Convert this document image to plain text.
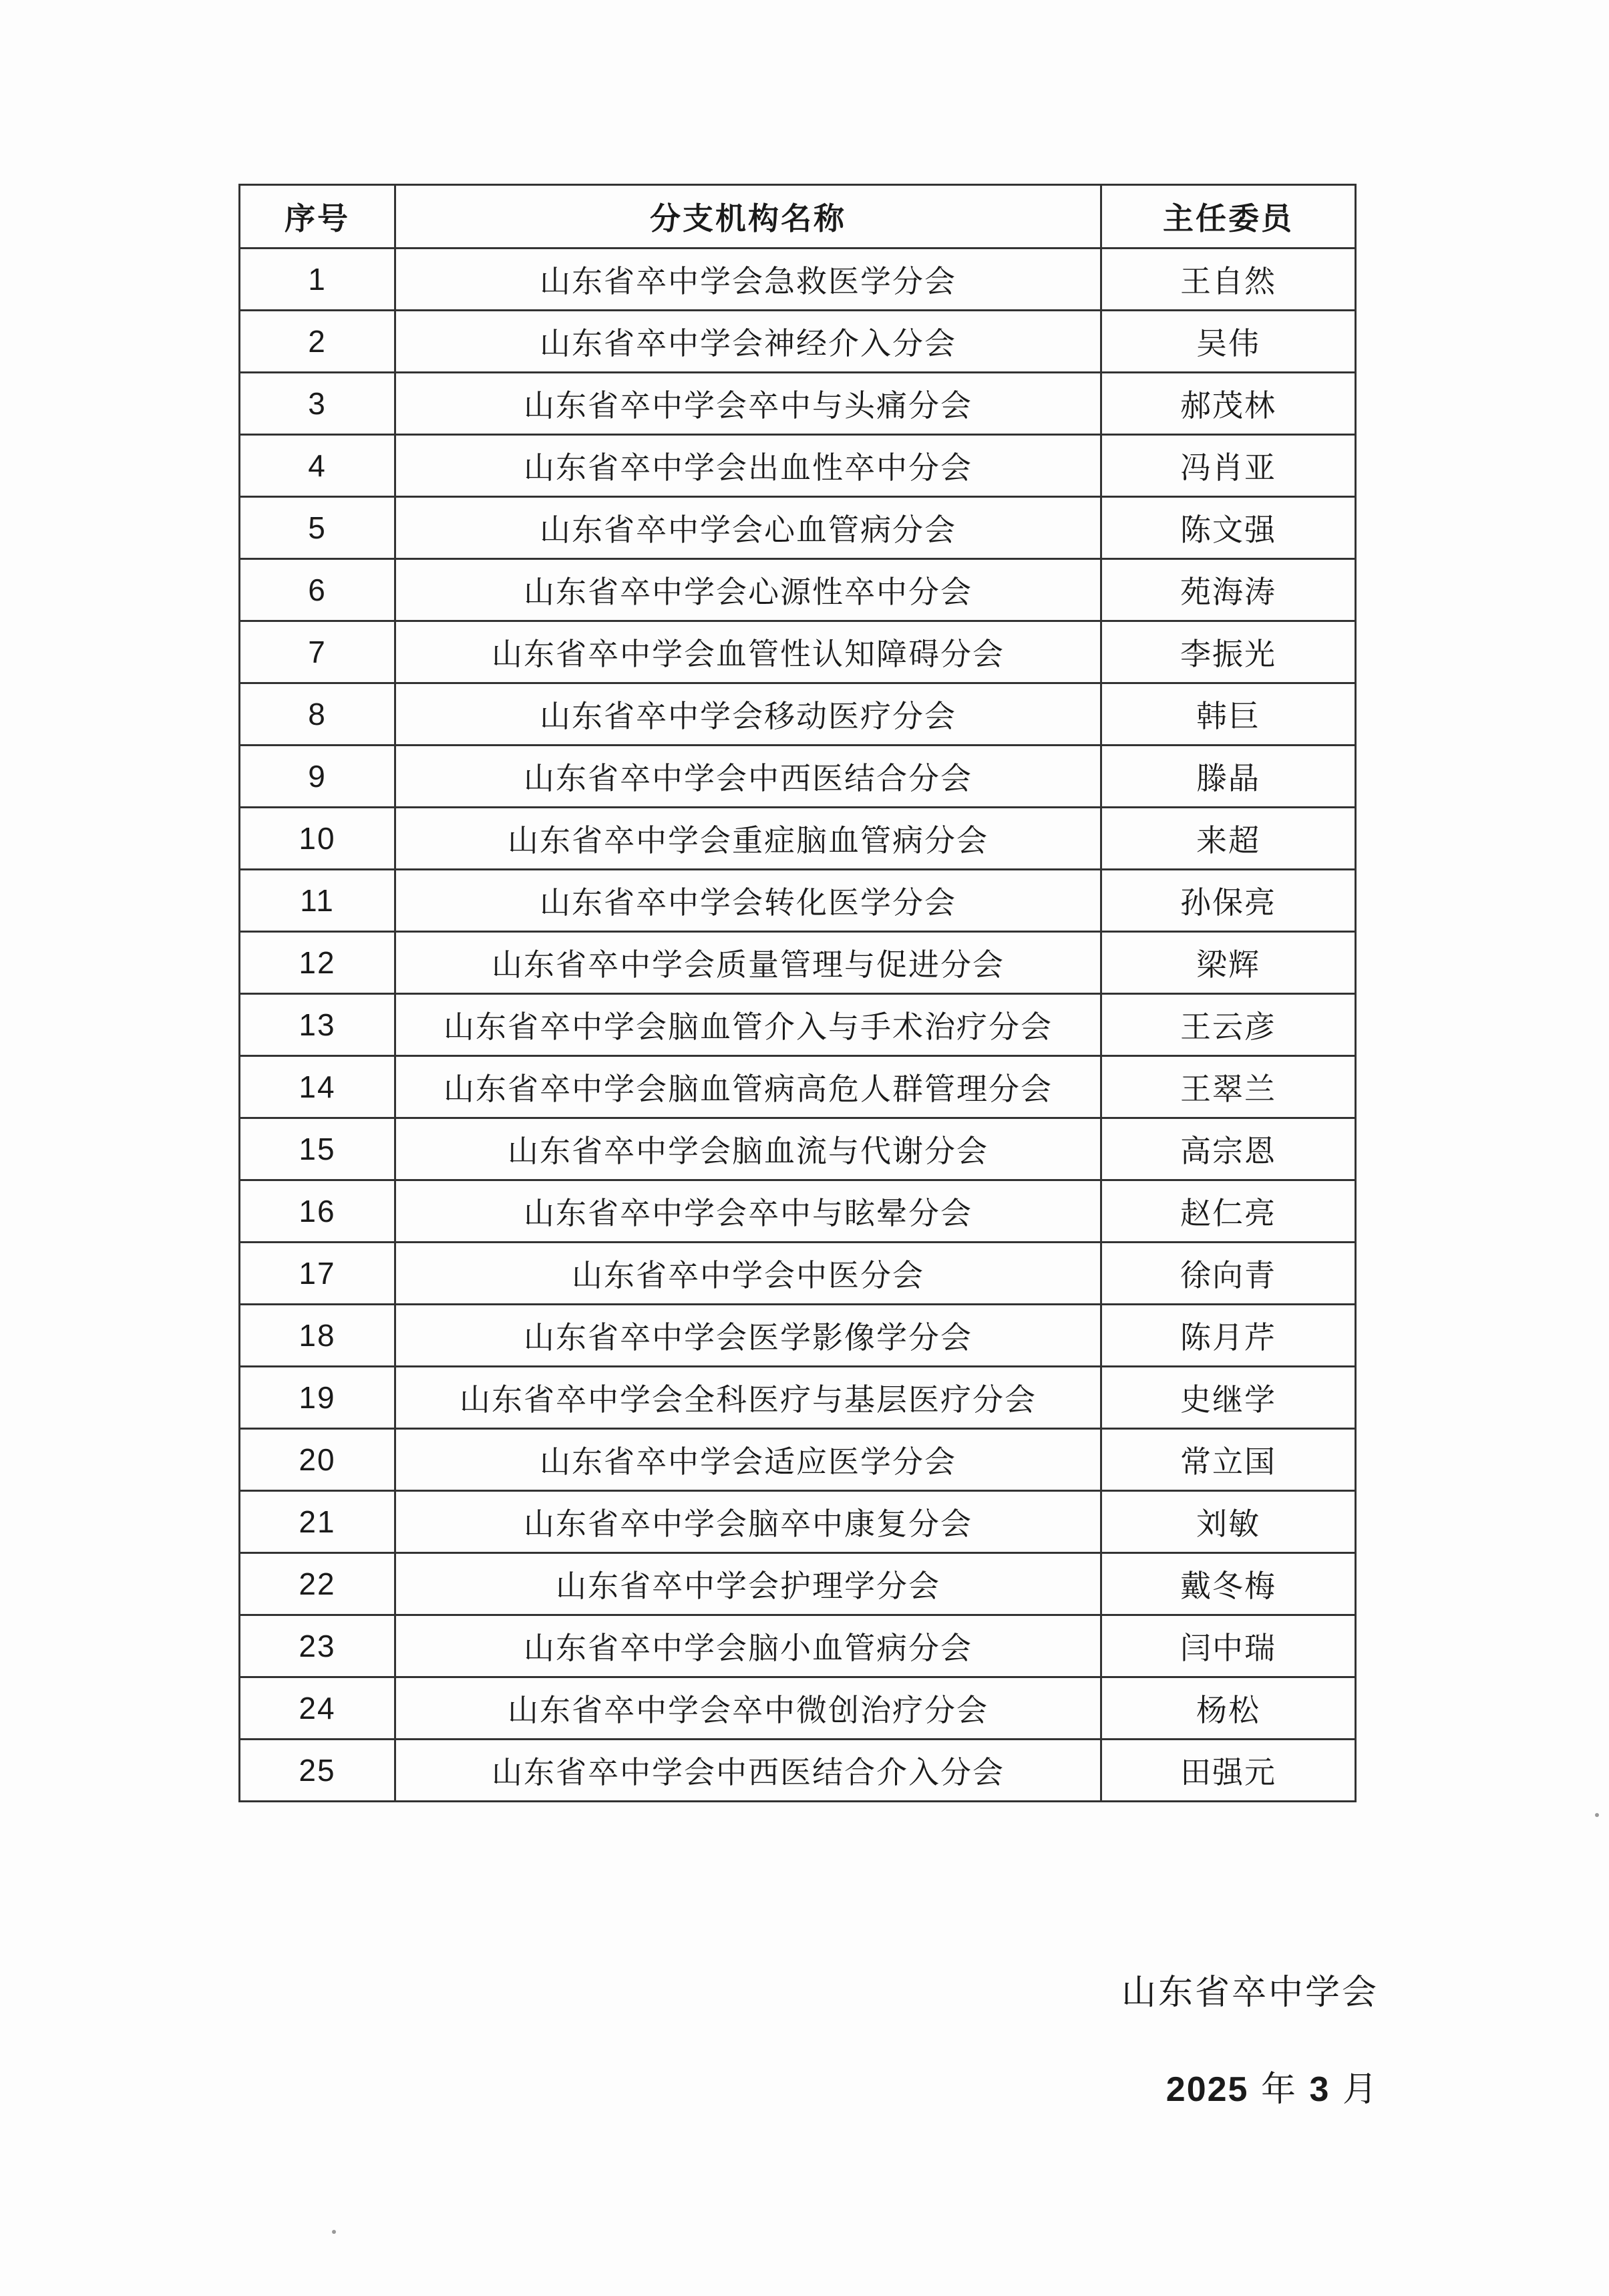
序号	分支机构名称	主任委员
1	山东省卒中学会急救医学分会	王自然
2	山东省卒中学会神经介入分会	吴伟
3	山东省卒中学会卒中与头痛分会	郝茂林
4	山东省卒中学会出血性卒中分会	冯肖亚
5	山东省卒中学会心血管病分会	陈文强
6	山东省卒中学会心源性卒中分会	苑海涛
7	山东省卒中学会血管性认知障碍分会	李振光
8	山东省卒中学会移动医疗分会	韩巨
9	山东省卒中学会中西医结合分会	滕晶
10	山东省卒中学会重症脑血管病分会	来超
11	山东省卒中学会转化医学分会	孙保亮
12	山东省卒中学会质量管理与促进分会	梁辉
13	山东省卒中学会脑血管介入与手术治疗分会	王云彦
14	山东省卒中学会脑血管病高危人群管理分会	王翠兰
15	山东省卒中学会脑血流与代谢分会	高宗恩
16	山东省卒中学会卒中与眩晕分会	赵仁亮
17	山东省卒中学会中医分会	徐向青
18	山东省卒中学会医学影像学分会	陈月芹
19	山东省卒中学会全科医疗与基层医疗分会	史继学
20	山东省卒中学会适应医学分会	常立国
21	山东省卒中学会脑卒中康复分会	刘敏
22	山东省卒中学会护理学分会	戴冬梅
23	山东省卒中学会脑小血管病分会	闫中瑞
24	山东省卒中学会卒中微创治疗分会	杨松
25	山东省卒中学会中西医结合介入分会	田强元
山东省卒中学会
2025 年 3 月
